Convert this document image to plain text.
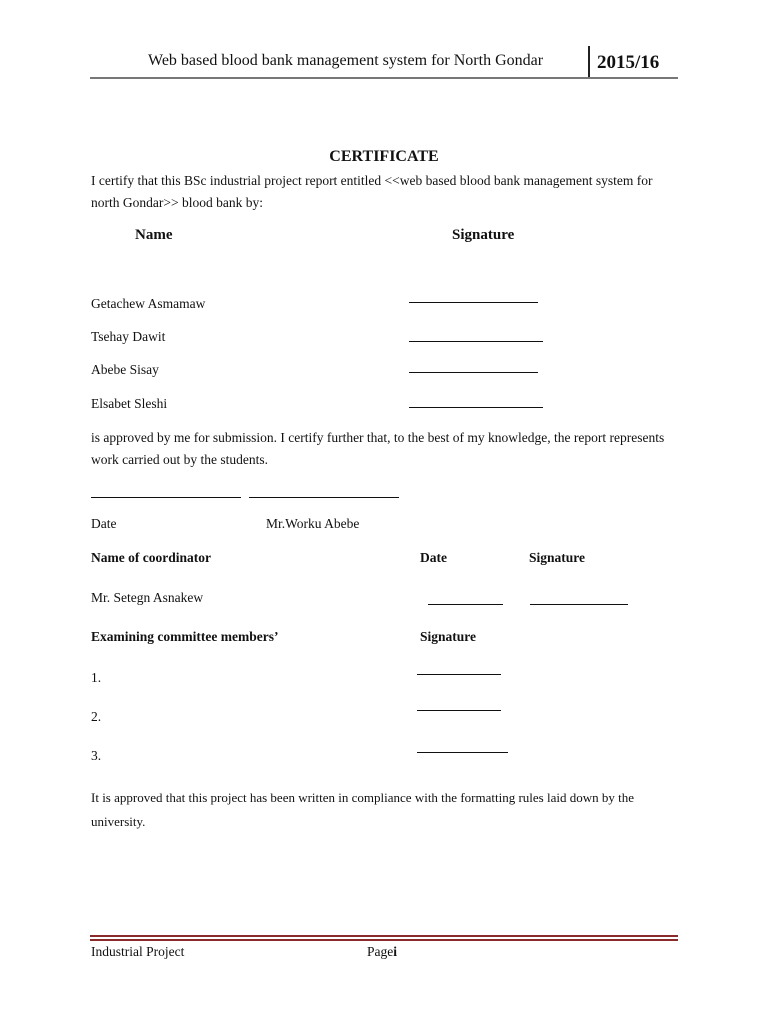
Web based blood bank management system for North Gondar	2015/16
CERTIFICATE
I certify that this BSc industrial project report entitled <<web based blood bank management system for north Gondar>> blood bank by:
Name	Signature
Getachew Asmamaw
Tsehay Dawit
Abebe Sisay
Elsabet Sleshi
is approved by me for submission. I certify further that, to the best of my knowledge, the report represents work carried out by the students.
Date	Mr.Worku Abebe
Name of coordinator	Date	Signature
Mr. Setegn Asnakew
Examining committee members’	Signature
1.
2.
3.
It is approved that this project has been written in compliance with the formatting rules laid down by the university.
Industrial Project	Pagei
